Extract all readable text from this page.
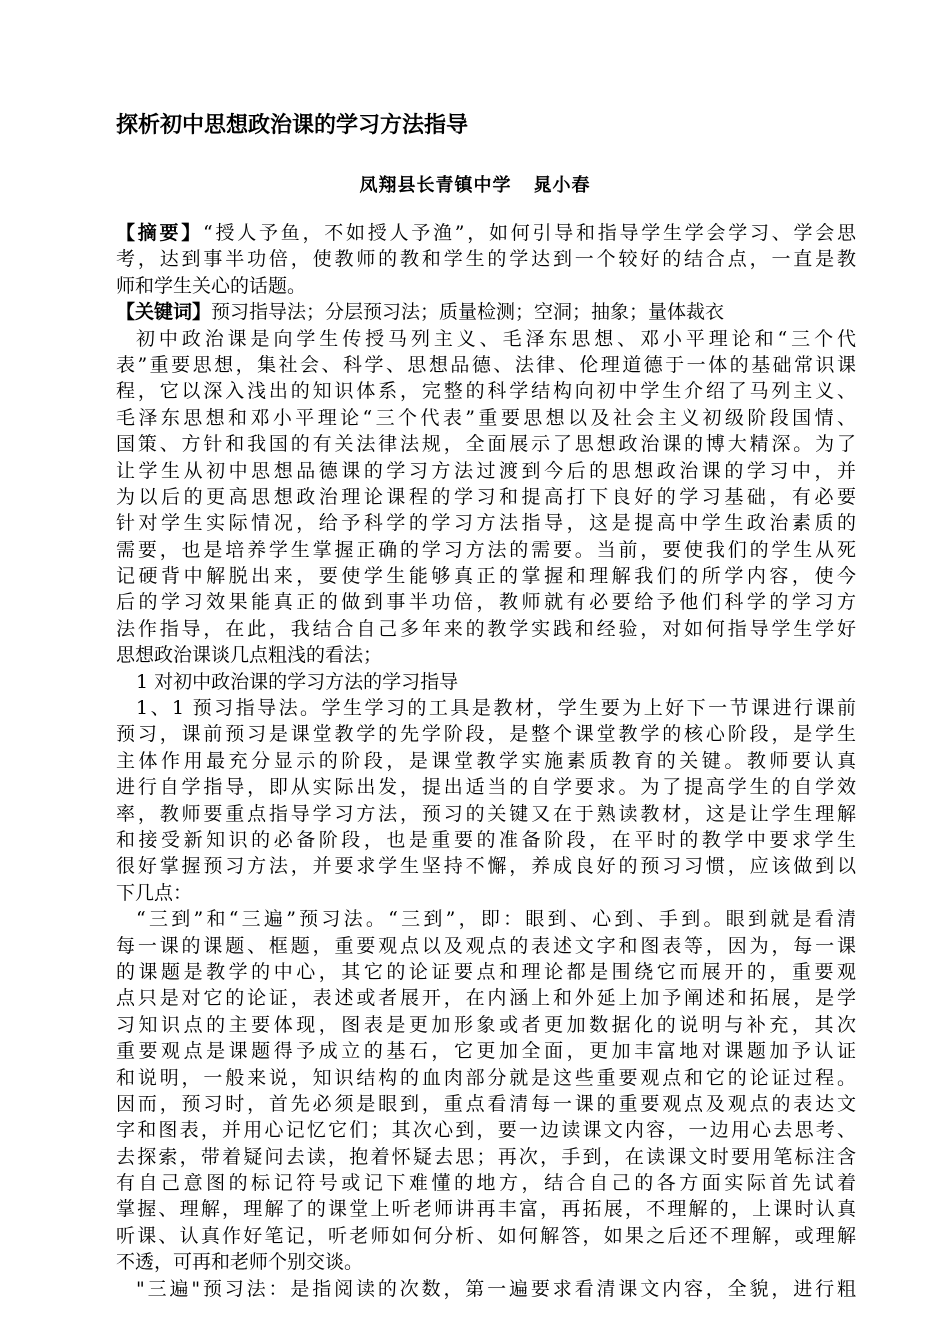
探析初中思想政治课的学习方法指导
凤翔县长青镇中学 晁小春
【摘要】“授人予鱼，不如授人予渔”，如何引导和指导学生学会学习、学会思
考，达到事半功倍，使教师的教和学生的学达到一个较好的结合点，一直是教
师和学生关心的话题。
【关键词】预习指导法；分层预习法；质量检测；空洞；抽象；量体裁衣
初中政治课是向学生传授马列主义、毛泽东思想、邓小平理论和“三个代
表”重要思想，集社会、科学、思想品德、法律、伦理道德于一体的基础常识课
程，它以深入浅出的知识体系，完整的科学结构向初中学生介绍了马列主义、
毛泽东思想和邓小平理论“三个代表”重要思想以及社会主义初级阶段国情、
国策、方针和我国的有关法律法规，全面展示了思想政治课的博大精深。为了
让学生从初中思想品德课的学习方法过渡到今后的思想政治课的学习中，并
为以后的更高思想政治理论课程的学习和提高打下良好的学习基础，有必要
针对学生实际情况，给予科学的学习方法指导，这是提高中学生政治素质的
需要，也是培养学生掌握正确的学习方法的需要。当前，要使我们的学生从死
记硬背中解脱出来，要使学生能够真正的掌握和理解我们的所学内容，使今
后的学习效果能真正的做到事半功倍，教师就有必要给予他们科学的学习方
法作指导，在此，我结合自己多年来的教学实践和经验，对如何指导学生学好
思想政治课谈几点粗浅的看法；
1 对初中政治课的学习方法的学习指导
1、1 预习指导法。学生学习的工具是教材，学生要为上好下一节课进行课前
预习，课前预习是课堂教学的先学阶段，是整个课堂教学的核心阶段，是学生
主体作用最充分显示的阶段，是课堂教学实施素质教育的关键。教师要认真
进行自学指导，即从实际出发，提出适当的自学要求。为了提高学生的自学效
率，教师要重点指导学习方法，预习的关键又在于熟读教材，这是让学生理解
和接受新知识的必备阶段，也是重要的准备阶段，在平时的教学中要求学生
很好掌握预习方法，并要求学生坚持不懈，养成良好的预习习惯，应该做到以
下几点：
“三到”和“三遍”预习法。“三到”，即：眼到、心到、手到。眼到就是看清
每一课的课题、框题，重要观点以及观点的表述文字和图表等，因为，每一课
的课题是教学的中心，其它的论证要点和理论都是围绕它而展开的，重要观
点只是对它的论证，表述或者展开，在内涵上和外延上加予阐述和拓展，是学
习知识点的主要体现，图表是更加形象或者更加数据化的说明与补充，其次
重要观点是课题得予成立的基石，它更加全面，更加丰富地对课题加予认证
和说明，一般来说，知识结构的血肉部分就是这些重要观点和它的论证过程。
因而，预习时，首先必须是眼到，重点看清每一课的重要观点及观点的表达文
字和图表，并用心记忆它们；其次心到，要一边读课文内容，一边用心去思考、
去探索，带着疑问去读，抱着怀疑去思；再次，手到，在读课文时要用笔标注含
有自己意图的标记符号或记下难懂的地方，结合自己的各方面实际首先试着
掌握、理解，理解了的课堂上听老师讲再丰富，再拓展，不理解的，上课时认真
听课、认真作好笔记，听老师如何分析、如何解答，如果之后还不理解，或理解
不透，可再和老师个别交谈。
"三遍"预习法：是指阅读的次数，第一遍要求看清课文内容，全貌，进行粗
